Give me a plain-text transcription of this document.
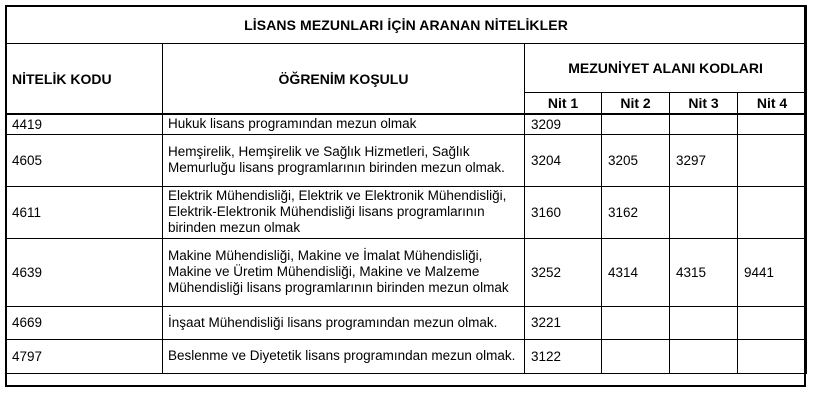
LİSANS MEZUNLARI İÇİN ARANAN NİTELİKLER					
NİTELİK KODU	ÖĞRENİM KOŞULU	MEZUNİYET ALANI KODLARI			
		Nit 1	Nit 2	Nit 3	Nit 4
4419	Hukuk lisans programından mezun olmak	3209			
4605	Hemşirelik, Hemşirelik ve Sağlık Hizmetleri, Sağlık Memurluğu lisans programlarının birinden mezun olmak.	3204	3205	3297	
4611	Elektrik Mühendisliği, Elektrik ve Elektronik Mühendisliği, Elektrik-Elektronik Mühendisliği lisans programlarının birinden mezun olmak	3160	3162		
4639	Makine Mühendisliği, Makine ve İmalat Mühendisliği, Makine ve Üretim Mühendisliği, Makine ve Malzeme Mühendisliği lisans programlarının birinden mezun olmak	3252	4314	4315	9441
4669	İnşaat Mühendisliği lisans programından mezun olmak.	3221			
4797	Beslenme ve Diyetetik lisans programından mezun olmak.	3122			
